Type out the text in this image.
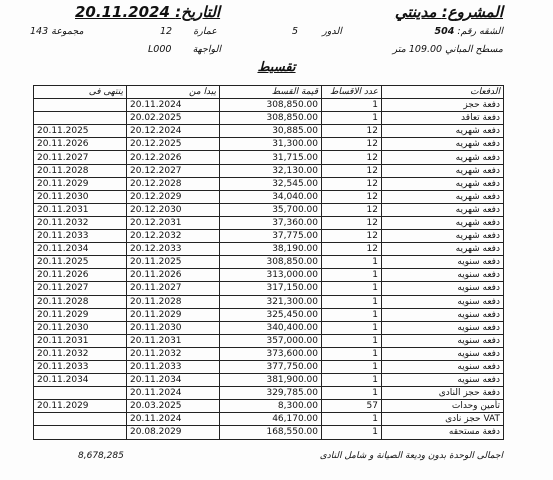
المشروع: مدينتي
التاريخ: 20.11.2024
الشقه رقم: 504
الدور        5
عمارة       12
مجموعة 143
مسطح المباني 109.00 متر
الواجهة       L000
تقسيط
ينتهى فى	يبدا من	قيمة القسط	عدد الاقساط	الدفعات
	20.11.2024	308,850.00	1	دفعة حجز
	20.02.2025	308,850.00	1	دفعة تعاقد
20.11.2025	20.12.2024	30,885.00	12	دفعه شهريه
20.11.2026	20.12.2025	31,300.00	12	دفعه شهريه
20.11.2027	20.12.2026	31,715.00	12	دفعه شهريه
20.11.2028	20.12.2027	32,130.00	12	دفعه شهريه
20.11.2029	20.12.2028	32,545.00	12	دفعه شهريه
20.11.2030	20.12.2029	34,040.00	12	دفعه شهريه
20.11.2031	20.12.2030	35,700.00	12	دفعه شهريه
20.11.2032	20.12.2031	37,360.00	12	دفعه شهريه
20.11.2033	20.12.2032	37,775.00	12	دفعه شهريه
20.11.2034	20.12.2033	38,190.00	12	دفعه شهريه
20.11.2025	20.11.2025	308,850.00	1	دفعه سنويه
20.11.2026	20.11.2026	313,000.00	1	دفعه سنويه
20.11.2027	20.11.2027	317,150.00	1	دفعه سنويه
20.11.2028	20.11.2028	321,300.00	1	دفعه سنويه
20.11.2029	20.11.2029	325,450.00	1	دفعه سنويه
20.11.2030	20.11.2030	340,400.00	1	دفعه سنويه
20.11.2031	20.11.2031	357,000.00	1	دفعه سنويه
20.11.2032	20.11.2032	373,600.00	1	دفعه سنويه
20.11.2033	20.11.2033	377,750.00	1	دفعه سنويه
20.11.2034	20.11.2034	381,900.00	1	دفعه سنويه
	20.11.2024	329,785.00	1	دفعة حجز النادى
20.11.2029	20.03.2025	8,300.00	57	تأمين وحدات
	20.11.2024	46,170.00	1	VAT حجز نادى
	20.08.2029	168,550.00	1	دفعة مستحقه
اجمالى الوحدة بدون وديعة الصيانة و شامل النادى
8,678,285
